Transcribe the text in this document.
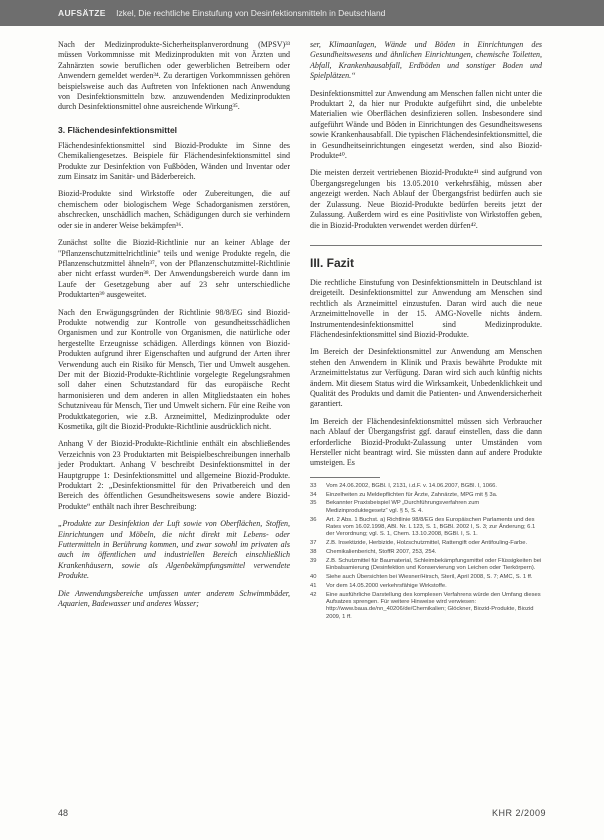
AUFSÄTZE Izkel, Die rechtliche Einstufung von Desinfektionsmitteln in Deutschland

Nach der Medizinprodukte-Sicherheitsplanverordnung (MPSV)³³ müssen Vorkommnisse mit Medizinprodukten mit von Ärzten und Zahnärzten sowie beruflichen oder gewerblichen Betreibern oder Anwendern gemeldet werden³⁴. Zu derartigen Vorkommnissen gehören beispielsweise auch das Auftreten von Infektionen nach Anwendung von Desinfektionsmitteln bzw. anzuwendenden Medizinprodukten durch Desinfektionsmittel ohne ausreichende Wirkung³⁵.

3. Flächendesinfektionsmittel

Flächendesinfektionsmittel sind Biozid-Produkte im Sinne des Chemikaliengesetzes. Beispiele für Flächendesinfektionsmittel sind Produkte zur Desinfektion von Fußböden, Wänden und Inventar oder zum Einsatz im Sanitär- und Bäderbereich.

Biozid-Produkte sind Wirkstoffe oder Zubereitungen, die auf chemischem oder biologischem Wege Schadorganismen zerstören, abschrecken, unschädlich machen, Schädigungen durch sie verhindern oder sie in anderer Weise bekämpfen³⁶.

Zunächst sollte die Biozid-Richtlinie nur an keiner Ablage der "Pflanzenschutzmittelrichtlinie" teils und wenige Produkte regeln, die Pflanzenschutzmittel ähneln³⁷, von der Pflanzenschutzmittel-Richtlinie aber nicht erfasst wurden³⁸. Der Anwendungsbereich wurde dann im Laufe der Gesetzgebung aber auf 23 sehr unterschiedliche Produktarten³⁹ ausgeweitet.

Nach den Erwägungsgründen der Richtlinie 98/8/EG sind Biozid-Produkte notwendig zur Kontrolle von gesundheitsschädlichen Organismen und zur Kontrolle von Organismen, die natürliche oder hergestellte Erzeugnisse schädigen. Allerdings können von Biozid-Produkten aufgrund ihrer Eigenschaften und aufgrund der Arten ihrer Verwendung auch ein Risiko für Mensch, Tier und Umwelt ausgehen. Der mit der Biozid-Produkte-Richtlinie vorgelegte Regelungsrahmen soll daher einen Schutzstandard für das europäische Recht harmonisieren und dem anderen in allen Mitgliedstaaten ein hohes Schutzniveau für Mensch, Tier und Umwelt sichern. Für eine Reihe von Produktkategorien, wie z.B. Arzneimittel, Medizinprodukte oder Kosmetika, gilt die Biozid-Produkte-Richtlinie ausdrücklich nicht.

Anhang V der Biozid-Produkte-Richtlinie enthält ein abschließendes Verzeichnis von 23 Produktarten mit Beispielbeschreibungen innerhalb jeder Produktart. Anhang V beschreibt Desinfektionsmittel in der Hauptgruppe 1: Desinfektionsmittel und allgemeine Biozid-Produkte. Produktart 2: „Desinfektionsmittel für den Privatbereich und den Bereich des öffentlichen Gesundheitswesens sowie andere Biozid-Produkte“ enthält nach ihrer Beschreibung:

„Produkte zur Desinfektion der Luft sowie von Oberflächen, Stoffen, Einrichtungen und Möbeln, die nicht direkt mit Lebens- oder Futtermitteln in Berührung kommen, und zwar sowohl im privaten als auch im öffentlichen und industriellen Bereich einschließlich Krankenhäusern, sowie als Algenbekämpfungsmittel verwendete Produkte.

Die Anwendungsbereiche umfassen unter anderem Schwimmbäder, Aquarien, Badewasser und anderes Wasser;

ser, Klimaanlagen, Wände und Böden in Einrichtungen des Gesundheitswesens und ähnlichen Einrichtungen, chemische Toiletten, Abfall, Krankenhausabfall, Erdböden und sonstiger Boden und Spielplätzen.“

Desinfektionsmittel zur Anwendung am Menschen fallen nicht unter die Produktart 2, da hier nur Produkte aufgeführt sind, die unbelebte Materialien wie Oberflächen desinfizieren sollen. Insbesondere sind aufgeführt Wände und Böden in Einrichtungen des Gesundheitswesens sowie Krankenhausabfall. Die typischen Flächendesinfektionsmittel, die in Gesundheitseinrichtungen eingesetzt werden, sind also Biozid-Produkte⁴⁰.

Die meisten derzeit vertriebenen Biozid-Produkte⁴¹ sind aufgrund von Übergangsregelungen bis 13.05.2010 verkehrsfähig, müssen aber angezeigt werden. Nach Ablauf der Übergangsfrist bedürfen auch sie der Zulassung. Neue Biozid-Produkte bedürfen bereits jetzt der Zulassung. Außerdem wird es eine Positivliste von Wirkstoffen geben, die in Biozid-Produkten verwendet werden dürfen⁴².

III. Fazit

Die rechtliche Einstufung von Desinfektionsmitteln in Deutschland ist dreigeteilt. Desinfektionsmittel zur Anwendung am Menschen sind rechtlich als Arzneimittel einzustufen. Daran wird auch die neue Arzneimittelnovelle in der 15. AMG-Novelle nichts ändern. Instrumentendesinfektionsmittel sind Medizinprodukte. Flächendesinfektionsmittel sind Biozid-Produkte.

Im Bereich der Desinfektionsmittel zur Anwendung am Menschen stehen den Anwendern in Klinik und Praxis bewährte Produkte mit Arzneimittelstatus zur Verfügung. Daran wird sich auch künftig nichts ändern. Mit diesem Status wird die Wirksamkeit, Unbedenklichkeit und Qualität des Produkts und damit die Patienten- und Anwendersicherheit garantiert.

Im Bereich der Flächendesinfektionsmittel müssen sich Verbraucher nach Ablauf der Übergangsfrist ggf. darauf einstellen, dass die dann erforderliche Biozid-Produkt-Zulassung unter Umständen vom Hersteller nicht beantragt wird. Sie müssten dann auf andere Produkte umsteigen. Es

33	Vom 24.06.2002, BGBl. I, 2131, i.d.F. v. 14.06.2007, BGBl. I, 1066.
34	Einzelheiten zu Meldepflichten für Ärzte, Zahnärzte, MPG mit § 3a.
35	Bekannter Praxisbeispiel WP „Durchführungsverfahren zum Medizinproduktegesetz“ vgl. § 5, S. 4.
36	Art. 2 Abs. 1 Buchst. a) Richtlinie 98/8/EG des Europäischen Parlaments und des Rates vom 16.02.1998, ABl. Nr. L 123, S. 1, BGBl. 2002 I, S. 3; zur Änderung; 6.1 der Verordnung; vgl. S. 1, Chem. 13.10.2008, BGBl. I, S. 1.
37	Z.B. Insektizide, Herbizide, Holzschutzmittel, Rattengift oder Antifouling-Farbe.
38	Chemikalienbericht, StoffR 2007, 253, 254.
39	Z.B. Schutzmittel für Baumaterial, Schleimbekämpfungsmittel oder Flüssigkeiten bei Einbalsamierung (Desinfektion und Konservierung von Leichen oder Tierkörpern).
40	Siehe auch Übersichten bei Wiesner/Hirsch, Steril, April 2008, S. 7; AMC, S. 1 ff.
41	Vor dem 14.05.2000 verkehrsfähige Wirkstoffe.
42	Eine ausführliche Darstellung des komplexen Verfahrens würde den Umfang dieses Aufsatzes sprengen. Für weitere Hinweise wird verwiesen: http://www.baua.de/nn_40206/de/Chemikalien; Glöckner, Biozid-Produkte, Biozid 2009, 1 ff.
48	KHR 2/2009
